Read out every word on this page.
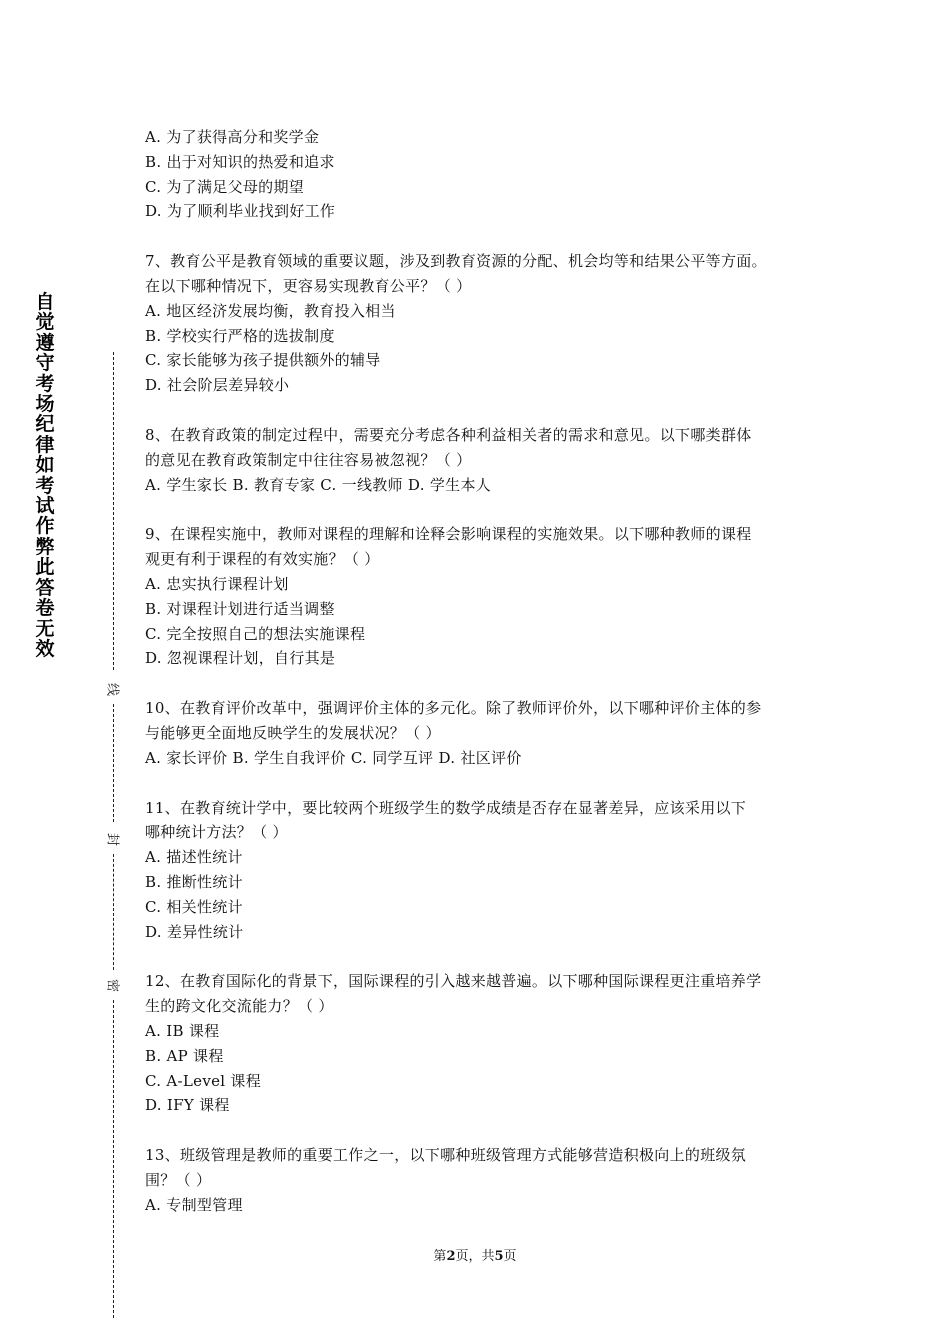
自
觉
遵
守
考
场
纪
律
如
考
试
作
弊
此
答
卷
无
效
线
封
密
A. 为了获得高分和奖学金
B. 出于对知识的热爱和追求
C. 为了满足父母的期望
D. 为了顺利毕业找到好工作
7、教育公平是教育领域的重要议题，涉及到教育资源的分配、机会均等和结果公平等方面。
在以下哪种情况下，更容易实现教育公平？（ ）
A. 地区经济发展均衡，教育投入相当
B. 学校实行严格的选拔制度
C. 家长能够为孩子提供额外的辅导
D. 社会阶层差异较小
8、在教育政策的制定过程中，需要充分考虑各种利益相关者的需求和意见。以下哪类群体
的意见在教育政策制定中往往容易被忽视？（ ）
A. 学生家长 B. 教育专家 C. 一线教师 D. 学生本人
9、在课程实施中，教师对课程的理解和诠释会影响课程的实施效果。以下哪种教师的课程
观更有利于课程的有效实施？（ ）
A. 忠实执行课程计划
B. 对课程计划进行适当调整
C. 完全按照自己的想法实施课程
D. 忽视课程计划，自行其是
10、在教育评价改革中，强调评价主体的多元化。除了教师评价外，以下哪种评价主体的参
与能够更全面地反映学生的发展状况？（ ）
A. 家长评价 B. 学生自我评价 C. 同学互评 D. 社区评价
11、在教育统计学中，要比较两个班级学生的数学成绩是否存在显著差异，应该采用以下
哪种统计方法？（ ）
A. 描述性统计
B. 推断性统计
C. 相关性统计
D. 差异性统计
12、在教育国际化的背景下，国际课程的引入越来越普遍。以下哪种国际课程更注重培养学
生的跨文化交流能力？（ ）
A. IB 课程
B. AP 课程
C. A-Level 课程
D. IFY 课程
13、班级管理是教师的重要工作之一，以下哪种班级管理方式能够营造积极向上的班级氛
围？（ ）
A. 专制型管理
第2页，共5页
